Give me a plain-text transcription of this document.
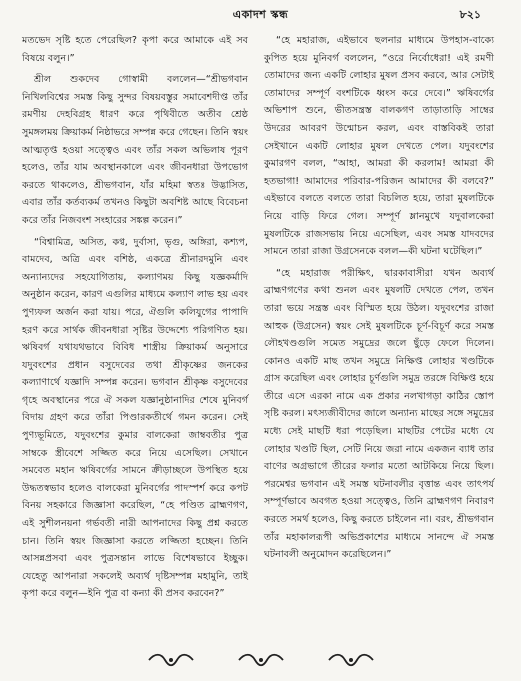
একাদশ স্কন্ধ	৮২১

মতভেদ সৃষ্টি হতে পেরেছিল? কৃপা করে আমাকে এই সব বিষয়ে বলুন।”

শ্রীল শুকদেব গোস্বামী বললেন—“শ্রীভগবান নিখিলবিশ্বের সমস্ত কিছু সুন্দর বিষয়বস্তুর সমাবেশদীপ্ত তাঁর রমণীয় দেহবিগ্রহ ধারণ করে পৃথিবীতে অতীব শ্রেষ্ঠ সুমঙ্গলময় ক্রিয়াকর্ম নিষ্ঠাভরে সম্পন্ন করে গেছেন। তিনি স্বয়ং আত্মতৃপ্ত হওয়া সত্ত্বেও এবং তাঁর সকল অভিলাষ পূরণ হলেও, তাঁর যাম অবস্থানকালে এবং জীবনধারা উপভোগ করতে থাকলেও, শ্রীভগবান, যাঁর মহিমা স্বতঃ উদ্ভাসিত, এবার তাঁর কর্তব্যকর্ম তখনও কিছুটা অবশিষ্ট আছে বিবেচনা করে তাঁর নিজবংশ সংহারের সঙ্কল্প করেন।”

“বিশ্বামিত্র, অসিত, কণ্ব, দুর্বাসা, ভৃগু, অঙ্গিরা, কশ্যপ, বামদেব, অত্রি এবং বশিষ্ঠ, একত্রে শ্রীনারদমুনি এবং অন্যান্যদের সহযোগিতায়, কল্যাণময় কিছু যজ্ঞকর্মাদি অনুষ্ঠান করেন, কারণ এগুলির মাধ্যমে কল্যাণ লাভ হয় এবং পুণ্যফল অর্জন করা যায়। পরে, ঐগুলি কলিযুগের পাপাদি হরণ করে সার্থক জীবনধারা সৃষ্টির উদ্দেশ্যে পরিগণিত হয়। ঋষিবর্গ যথাযথভাবে বিবিধ শাস্ত্রীয় ক্রিয়াকর্ম অনুসারে যদুবংশের প্রধান বসুদেবের তথা শ্রীকৃষ্ণের জনকের কল্যাণার্থে যজ্ঞাদি সম্পন্ন করেন। ভগবান শ্রীকৃষ্ণ বসুদেবের গৃহে অবস্থানের পরে ঐ সকল যজ্ঞানুষ্ঠানাদির শেষে মুনিবর্গ বিদায় গ্রহণ করে তাঁরা পিণ্ডারকতীর্থে গমন করেন। সেই পুণ্যভূমিতে, যদুবংশের কুমার বালকেরা জাম্ববতীর পুত্র সাম্বকে স্ত্রীবেশে সজ্জিত করে নিয়ে এসেছিল। সেখানে সমবেত মহান ঋষিবর্গের সামনে ক্রীড়াচ্ছলে উপস্থিত হয়ে উদ্ধতস্বভাব হলেও বালকেরা মুনিবর্গের পাদস্পর্শ করে কপট বিনয় সহকারে জিজ্ঞাসা করেছিল, “হে পণ্ডিত ব্রাহ্মণগণ, এই সুশীলনয়না গর্ভবতী নারী আপনাদের কিছু প্রশ্ন করতে চান। তিনি স্বয়ং জিজ্ঞাসা করতে লজ্জিতা হচ্ছেন। তিনি আসন্নপ্রসবা এবং পুত্রসন্তান লাভে বিশেষভাবে ইচ্ছুক। যেহেতু আপনারা সকলেই অব্যর্থ দৃষ্টিসম্পন্ন মহামুনি, তাই কৃপা করে বলুন—ইনি পুত্র বা কন্যা কী প্রসব করবেন?”

“হে মহারাজ, এইভাবে ছলনার মাধ্যমে উপহাস-বাক্যে কুপিত হয়ে মুনিবর্গ বললেন, “ওরে নির্বোধেরা! এই রমণী তোমাদের জন্য একটি লোহার মুষল প্রসব করবে, আর সেটাই তোমাদের সম্পূর্ণ বংশটিকে ধ্বংস করে দেবে।” ঋষিবর্গের অভিশাপ শুনে, ভীতসন্ত্রস্ত বালকগণ তাড়াতাড়ি সাম্বের উদরের আবরণ উন্মোচন করল, এবং বাস্তবিকই তারা সেইখানে একটি লোহার মুষল দেখতে পেল। যদুবংশের কুমারগণ বলল, “আহা, আমরা কী করলাম! আমরা কী হতভাগা! আমাদের পরিবার-পরিজন আমাদের কী বলবে?” এইভাবে বলতে বলতে তারা বিচলিত হয়ে, তারা মুষলটিকে নিয়ে বাড়ি ফিরে গেল। সম্পূর্ণ ম্লানমুখে যদুবালকেরা মুষলটিকে রাজসভায় নিয়ে এসেছিল, এবং সমস্ত যাদবদের সামনে তারা রাজা উগ্রসেনকে বলল—কী ঘটনা ঘটেছিল।”

“হে মহারাজ পরীক্ষিৎ, দ্বারকাবাসীরা যখন অব্যর্থ ব্রাহ্মণগণের কথা শুনল এবং মুষলটি দেখতে পেল, তখন তারা ভয়ে সন্ত্রস্ত এবং বিস্মিত হয়ে উঠল। যদুবংশের রাজা আহুক (উগ্রসেন) স্বয়ং সেই মুষলটিকে চূর্ণ-বিচূর্ণ করে সমস্ত লৌহখণ্ডগুলি সমেত সমুদ্রের জলে ছুঁড়ে ফেলে দিলেন। কোনও একটি মাছ তখন সমুদ্রে নিক্ষিপ্ত লোহার খণ্ডটিকে গ্রাস করেছিল এবং লোহার চূর্ণগুলি সমুদ্র তরঙ্গে বিক্ষিপ্ত হয়ে তীরে এসে এরকা নামে এক প্রকার নলখাগড়া কাঠির স্তোপ সৃষ্টি করল। মৎস্যজীবীদের জালে অন্যান্য মাছের সঙ্গে সমুদ্রের মধ্যে সেই মাছটি ধরা পড়েছিল। মাছটির পেটের মধ্যে যে লোহার খণ্ডটি ছিল, সেটি নিয়ে জরা নামে একজন ব্যাধ তার বাণের অগ্রভাগে তীরের ফলার মতো আটকিয়ে নিয়ে ছিল। পরমেশ্বর ভগবান এই সমস্ত ঘটনাবলীর বৃত্তান্ত এবং তাৎপর্য সম্পূর্ণভাবে অবগত হওয়া সত্ত্বেও, তিনি ব্রাহ্মণগণ নিবারণ করতে সমর্থ হলেও, কিছু করতে চাইলেন না। বরং, শ্রীভগবান তাঁর মহাকালরূপী অভিপ্রকাশের মাধ্যমে সানন্দে ঐ সমস্ত ঘটনাবলী অনুমোদন করেছিলেন।”
